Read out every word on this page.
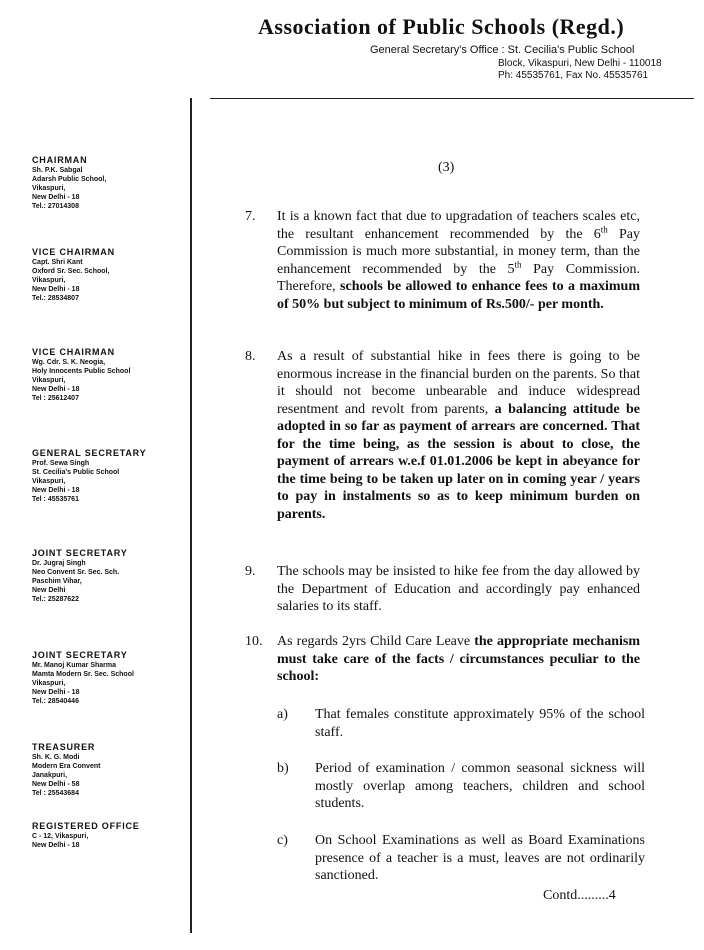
Association of Public Schools (Regd.)
General Secretary's Office : St. Cecilia's Public School
Block, Vikaspuri, New Delhi - 110018
Ph: 45535761, Fax No. 45535761
CHAIRMAN
Sh. P.K. Sabgal
Adarsh Public School,
Vikaspuri,
New Delhi - 18
Tel.: 27014308
VICE CHAIRMAN
Capt. Shri Kant
Oxford Sr. Sec. School,
Vikaspuri,
New Delhi - 18
Tel.: 28534807
VICE CHAIRMAN
Wg. Cdr. S. K. Neogia,
Holy Innocents Public School
Vikaspuri,
New Delhi - 18
Tel : 25612407
GENERAL SECRETARY
Prof. Sewa Singh
St. Cecilia's Public School
Vikaspuri,
New Delhi - 18
Tel : 45535761
JOINT SECRETARY
Dr. Jugraj Singh
Neo Convent Sr. Sec. Sch.
Paschim Vihar,
New Delhi
Tel.: 25287622
JOINT SECRETARY
Mr. Manoj Kumar Sharma
Mamta Modern Sr. Sec. School
Vikaspuri,
New Delhi - 18
Tel.: 28540446
TREASURER
Sh. K. G. Modi
Modern Era Convent
Janakpuri,
New Delhi - 58
Tel : 25543684
REGISTERED OFFICE
C - 12, Vikaspuri,
New Delhi - 18
(3)
7. It is a known fact that due to upgradation of teachers scales etc, the resultant enhancement recommended by the 6th Pay Commission is much more substantial, in money term, than the enhancement recommended by the 5th Pay Commission. Therefore, schools be allowed to enhance fees to a maximum of 50% but subject to minimum of Rs.500/- per month.
8. As a result of substantial hike in fees there is going to be enormous increase in the financial burden on the parents. So that it should not become unbearable and induce widespread resentment and revolt from parents, a balancing attitude be adopted in so far as payment of arrears are concerned. That for the time being, as the session is about to close, the payment of arrears w.e.f 01.01.2006 be kept in abeyance for the time being to be taken up later on in coming year / years to pay in instalments so as to keep minimum burden on parents.
9. The schools may be insisted to hike fee from the day allowed by the Department of Education and accordingly pay enhanced salaries to its staff.
10. As regards 2yrs Child Care Leave the appropriate mechanism must take care of the facts / circumstances peculiar to the school:
a) That females constitute approximately 95% of the school staff.
b) Period of examination / common seasonal sickness will mostly overlap among teachers, children and school students.
c) On School Examinations as well as Board Examinations presence of a teacher is a must, leaves are not ordinarily sanctioned.
Contd.........4
